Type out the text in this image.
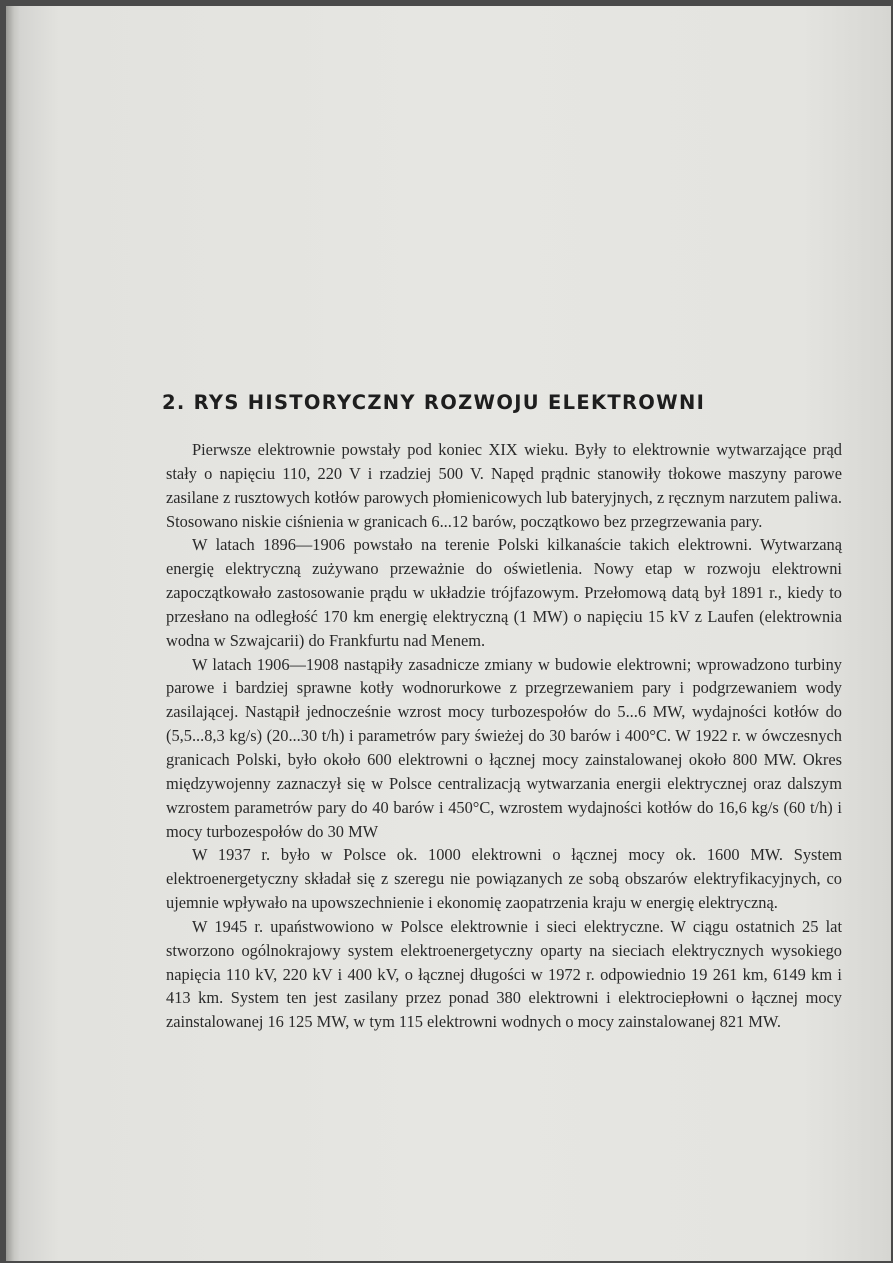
2. RYS HISTORYCZNY ROZWOJU ELEKTROWNI

Pierwsze elektrownie powstały pod koniec XIX wieku. Były to elektrownie wytwarzające prąd stały o napięciu 110, 220 V i rzadziej 500 V. Napęd prądnic stanowiły tłokowe maszyny parowe zasilane z rusztowych kotłów parowych płomienicowych lub bateryjnych, z ręcznym narzutem paliwa. Stosowano niskie ciśnienia w granicach 6...12 barów, początkowo bez przegrzewania pary.

W latach 1896—1906 powstało na terenie Polski kilkanaście takich elektrowni. Wytwarzaną energię elektryczną zużywano przeważnie do oświetlenia. Nowy etap w rozwoju elektrowni zapoczątkowało zastosowanie prądu w układzie trójfazowym. Przełomową datą był 1891 r., kiedy to przesłano na odległość 170 km energię elektryczną (1 MW) o napięciu 15 kV z Laufen (elektrownia wodna w Szwajcarii) do Frankfurtu nad Menem.

W latach 1906—1908 nastąpiły zasadnicze zmiany w budowie elektrowni; wprowadzono turbiny parowe i bardziej sprawne kotły wodnorurkowe z przegrzewaniem pary i podgrzewaniem wody zasilającej. Nastąpił jednocześnie wzrost mocy turbozespołów do 5...6 MW, wydajności kotłów do (5,5...8,3 kg/s) (20...30 t/h) i parametrów pary świeżej do 30 barów i 400°C. W 1922 r. w ówczesnych granicach Polski, było około 600 elektrowni o łącznej mocy zainstalowanej około 800 MW. Okres międzywojenny zaznaczył się w Polsce centralizacją wytwarzania energii elektrycznej oraz dalszym wzrostem parametrów pary do 40 barów i 450°C, wzrostem wydajności kotłów do 16,6 kg/s (60 t/h) i mocy turbozespołów do 30 MW

W 1937 r. było w Polsce ok. 1000 elektrowni o łącznej mocy ok. 1600 MW. System elektroenergetyczny składał się z szeregu nie powiązanych ze sobą obszarów elektryfikacyjnych, co ujemnie wpływało na upowszechnienie i ekonomię zaopatrzenia kraju w energię elektryczną.

W 1945 r. upaństwowiono w Polsce elektrownie i sieci elektryczne. W ciągu ostatnich 25 lat stworzono ogólnokrajowy system elektroenergetyczny oparty na sieciach elektrycznych wysokiego napięcia 110 kV, 220 kV i 400 kV, o łącznej długości w 1972 r. odpowiednio 19 261 km, 6149 km i 413 km. System ten jest zasilany przez ponad 380 elektrowni i elektrociepłowni o łącznej mocy zainstalowanej 16 125 MW, w tym 115 elektrowni wodnych o mocy zainstalowanej 821 MW.
